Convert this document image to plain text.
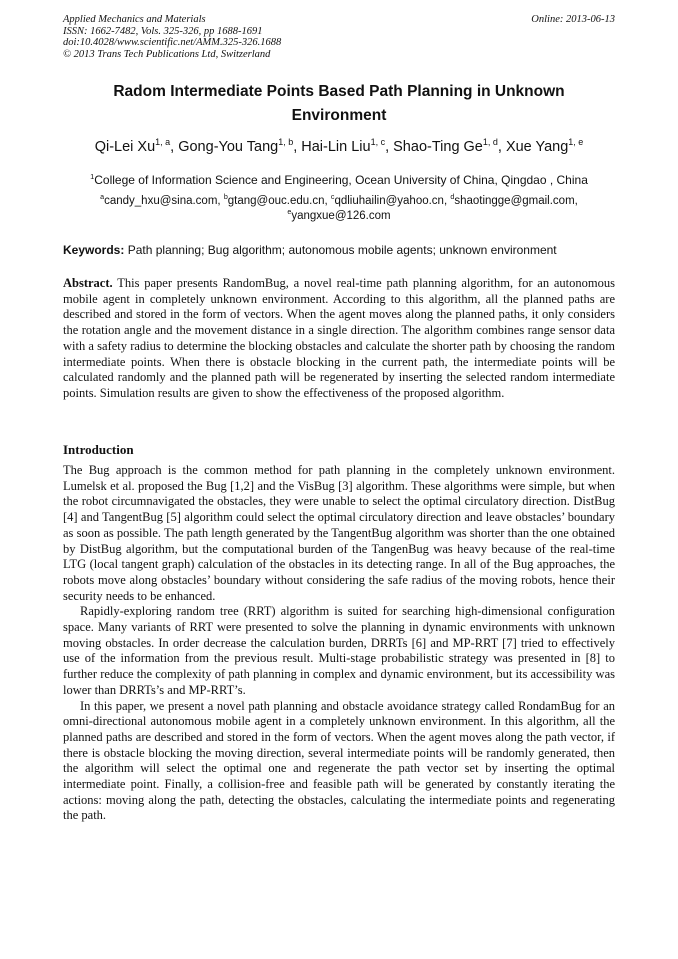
Applied Mechanics and Materials
ISSN: 1662-7482, Vols. 325-326, pp 1688-1691
doi:10.4028/www.scientific.net/AMM.325-326.1688
© 2013 Trans Tech Publications Ltd, Switzerland
Online: 2013-06-13
Radom Intermediate Points Based Path Planning in Unknown Environment
Qi-Lei Xu$^{1, a}$, Gong-You Tang$^{1, b}$, Hai-Lin Liu$^{1, c}$, Shao-Ting Ge$^{1, d}$, Xue Yang$^{1, e}$
$^1$College of Information Science and Engineering, Ocean University of China, Qingdao , China
$^a$candy_hxu@sina.com, $^b$gtang@ouc.edu.cn, $^c$qdliuhailin@yahoo.cn, $^d$shaotingge@gmail.com,
$^e$yangxue@126.com
Keywords: Path planning; Bug algorithm; autonomous mobile agents; unknown environment

Abstract. This paper presents RandomBug, a novel real-time path planning algorithm, for an autonomous mobile agent in completely unknown environment. According to this algorithm, all the planned paths are described and stored in the form of vectors. When the agent moves along the planned paths, it only considers the rotation angle and the movement distance in a single direction. The algorithm combines range sensor data with a safety radius to determine the blocking obstacles and calculate the shorter path by choosing the random intermediate points. When there is obstacle blocking in the current path, the intermediate points will be calculated randomly and the planned path will be regenerated by inserting the selected random intermediate points. Simulation results are given to show the effectiveness of the proposed algorithm.

Introduction

The Bug approach is the common method for path planning in the completely unknown environment. Lumelsk et al. proposed the Bug [1,2] and the VisBug [3] algorithm. These algorithms were simple, but when the robot circumnavigated the obstacles, they were unable to select the optimal circulatory direction. DistBug [4] and TangentBug [5] algorithm could select the optimal circulatory direction and leave obstacles’ boundary as soon as possible. The path length generated by the TangentBug algorithm was shorter than the one obtained by DistBug algorithm, but the computational burden of the TangenBug was heavy because of the real-time LTG (local tangent graph) calculation of the obstacles in its detecting range. In all of the Bug approaches, the robots move along obstacles’ boundary without considering the safe radius of the moving robots, hence their security needs to be enhanced.

Rapidly-exploring random tree (RRT) algorithm is suited for searching high-dimensional configuration space. Many variants of RRT were presented to solve the planning in dynamic environments with unknown moving obstacles. In order decrease the calculation burden, DRRTs [6] and MP-RRT [7] tried to effectively use of the information from the previous result. Multi-stage probabilistic strategy was presented in [8] to further reduce the complexity of path planning in complex and dynamic environment, but its accessibility was lower than DRRTs’s and MP-RRT’s.

In this paper, we present a novel path planning and obstacle avoidance strategy called RondamBug for an omni-directional autonomous mobile agent in a completely unknown environment. In this algorithm, all the planned paths are described and stored in the form of vectors. When the agent moves along the path vector, if there is obstacle blocking the moving direction, several intermediate points will be randomly generated, then the algorithm will select the optimal one and regenerate the path vector set by inserting the optimal intermediate point. Finally, a collision-free and feasible path will be generated by constantly iterating the actions: moving along the path, detecting the obstacles, calculating the intermediate points and regenerating the path.
